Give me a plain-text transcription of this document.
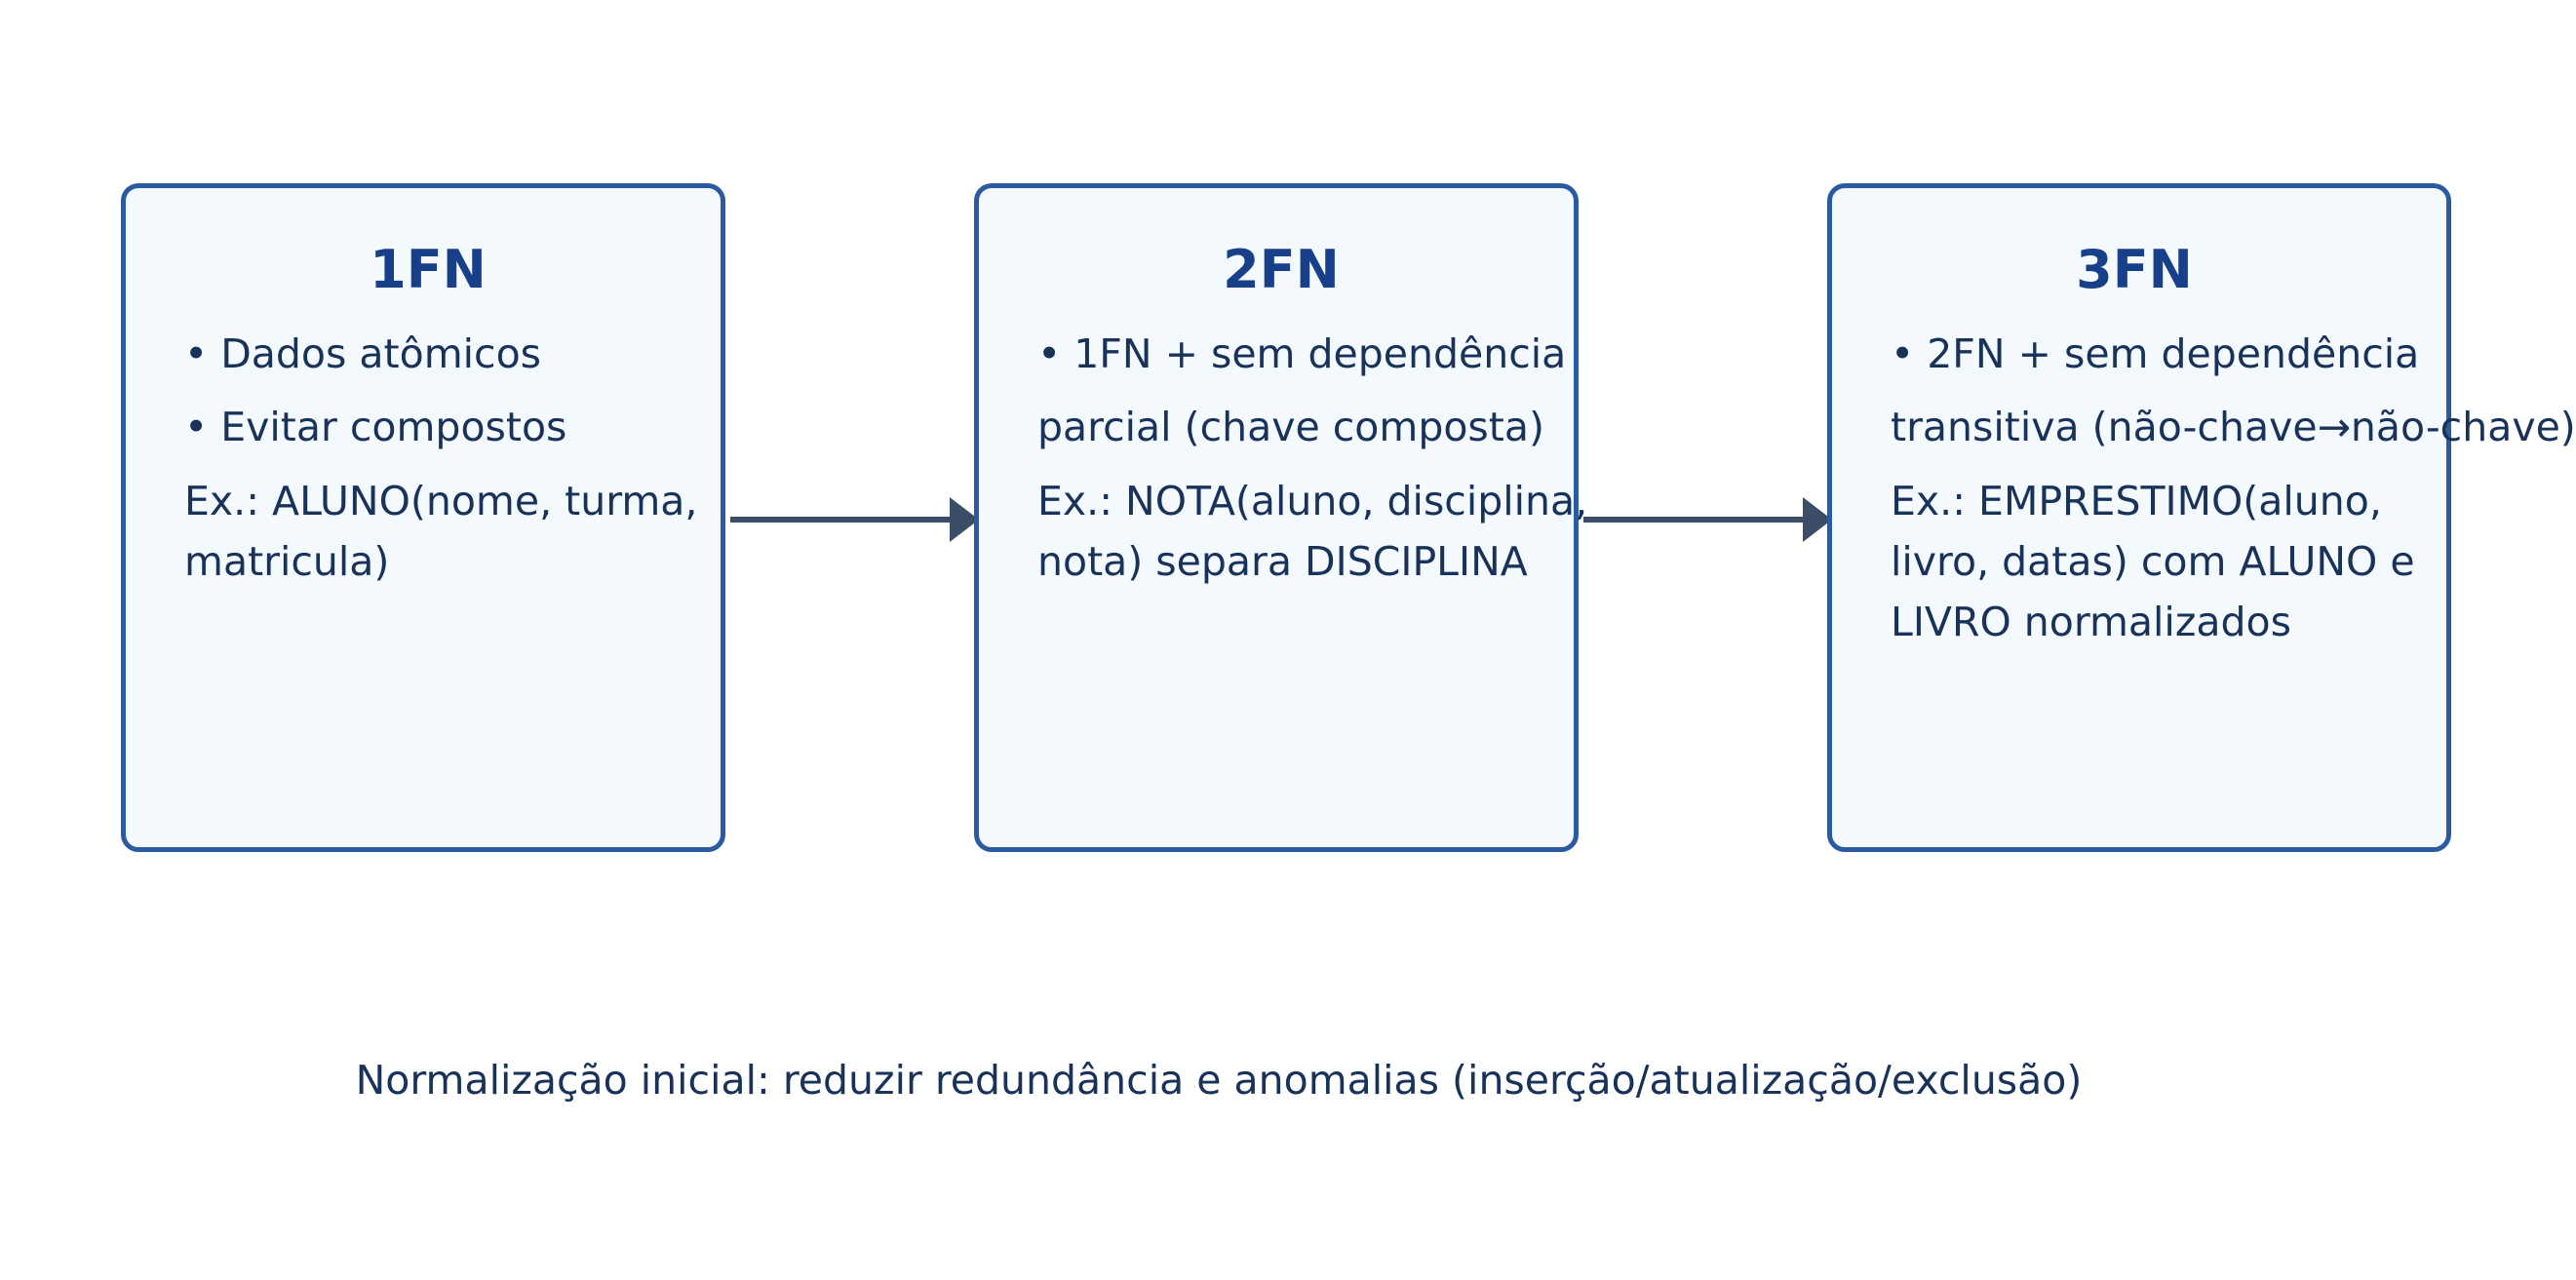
1FN
• Dados atômicos
• Evitar compostos
Ex.: ALUNO(nome, turma,
matricula)
2FN
• 1FN + sem dependência
parcial (chave composta)
Ex.: NOTA(aluno, disciplina,
nota) separa DISCIPLINA
3FN
• 2FN + sem dependência
transitiva (não-chave→não-chave)
Ex.: EMPRESTIMO(aluno,
livro, datas) com ALUNO e
LIVRO normalizados
Normalização inicial: reduzir redundância e anomalias (inserção/atualização/exclusão)
